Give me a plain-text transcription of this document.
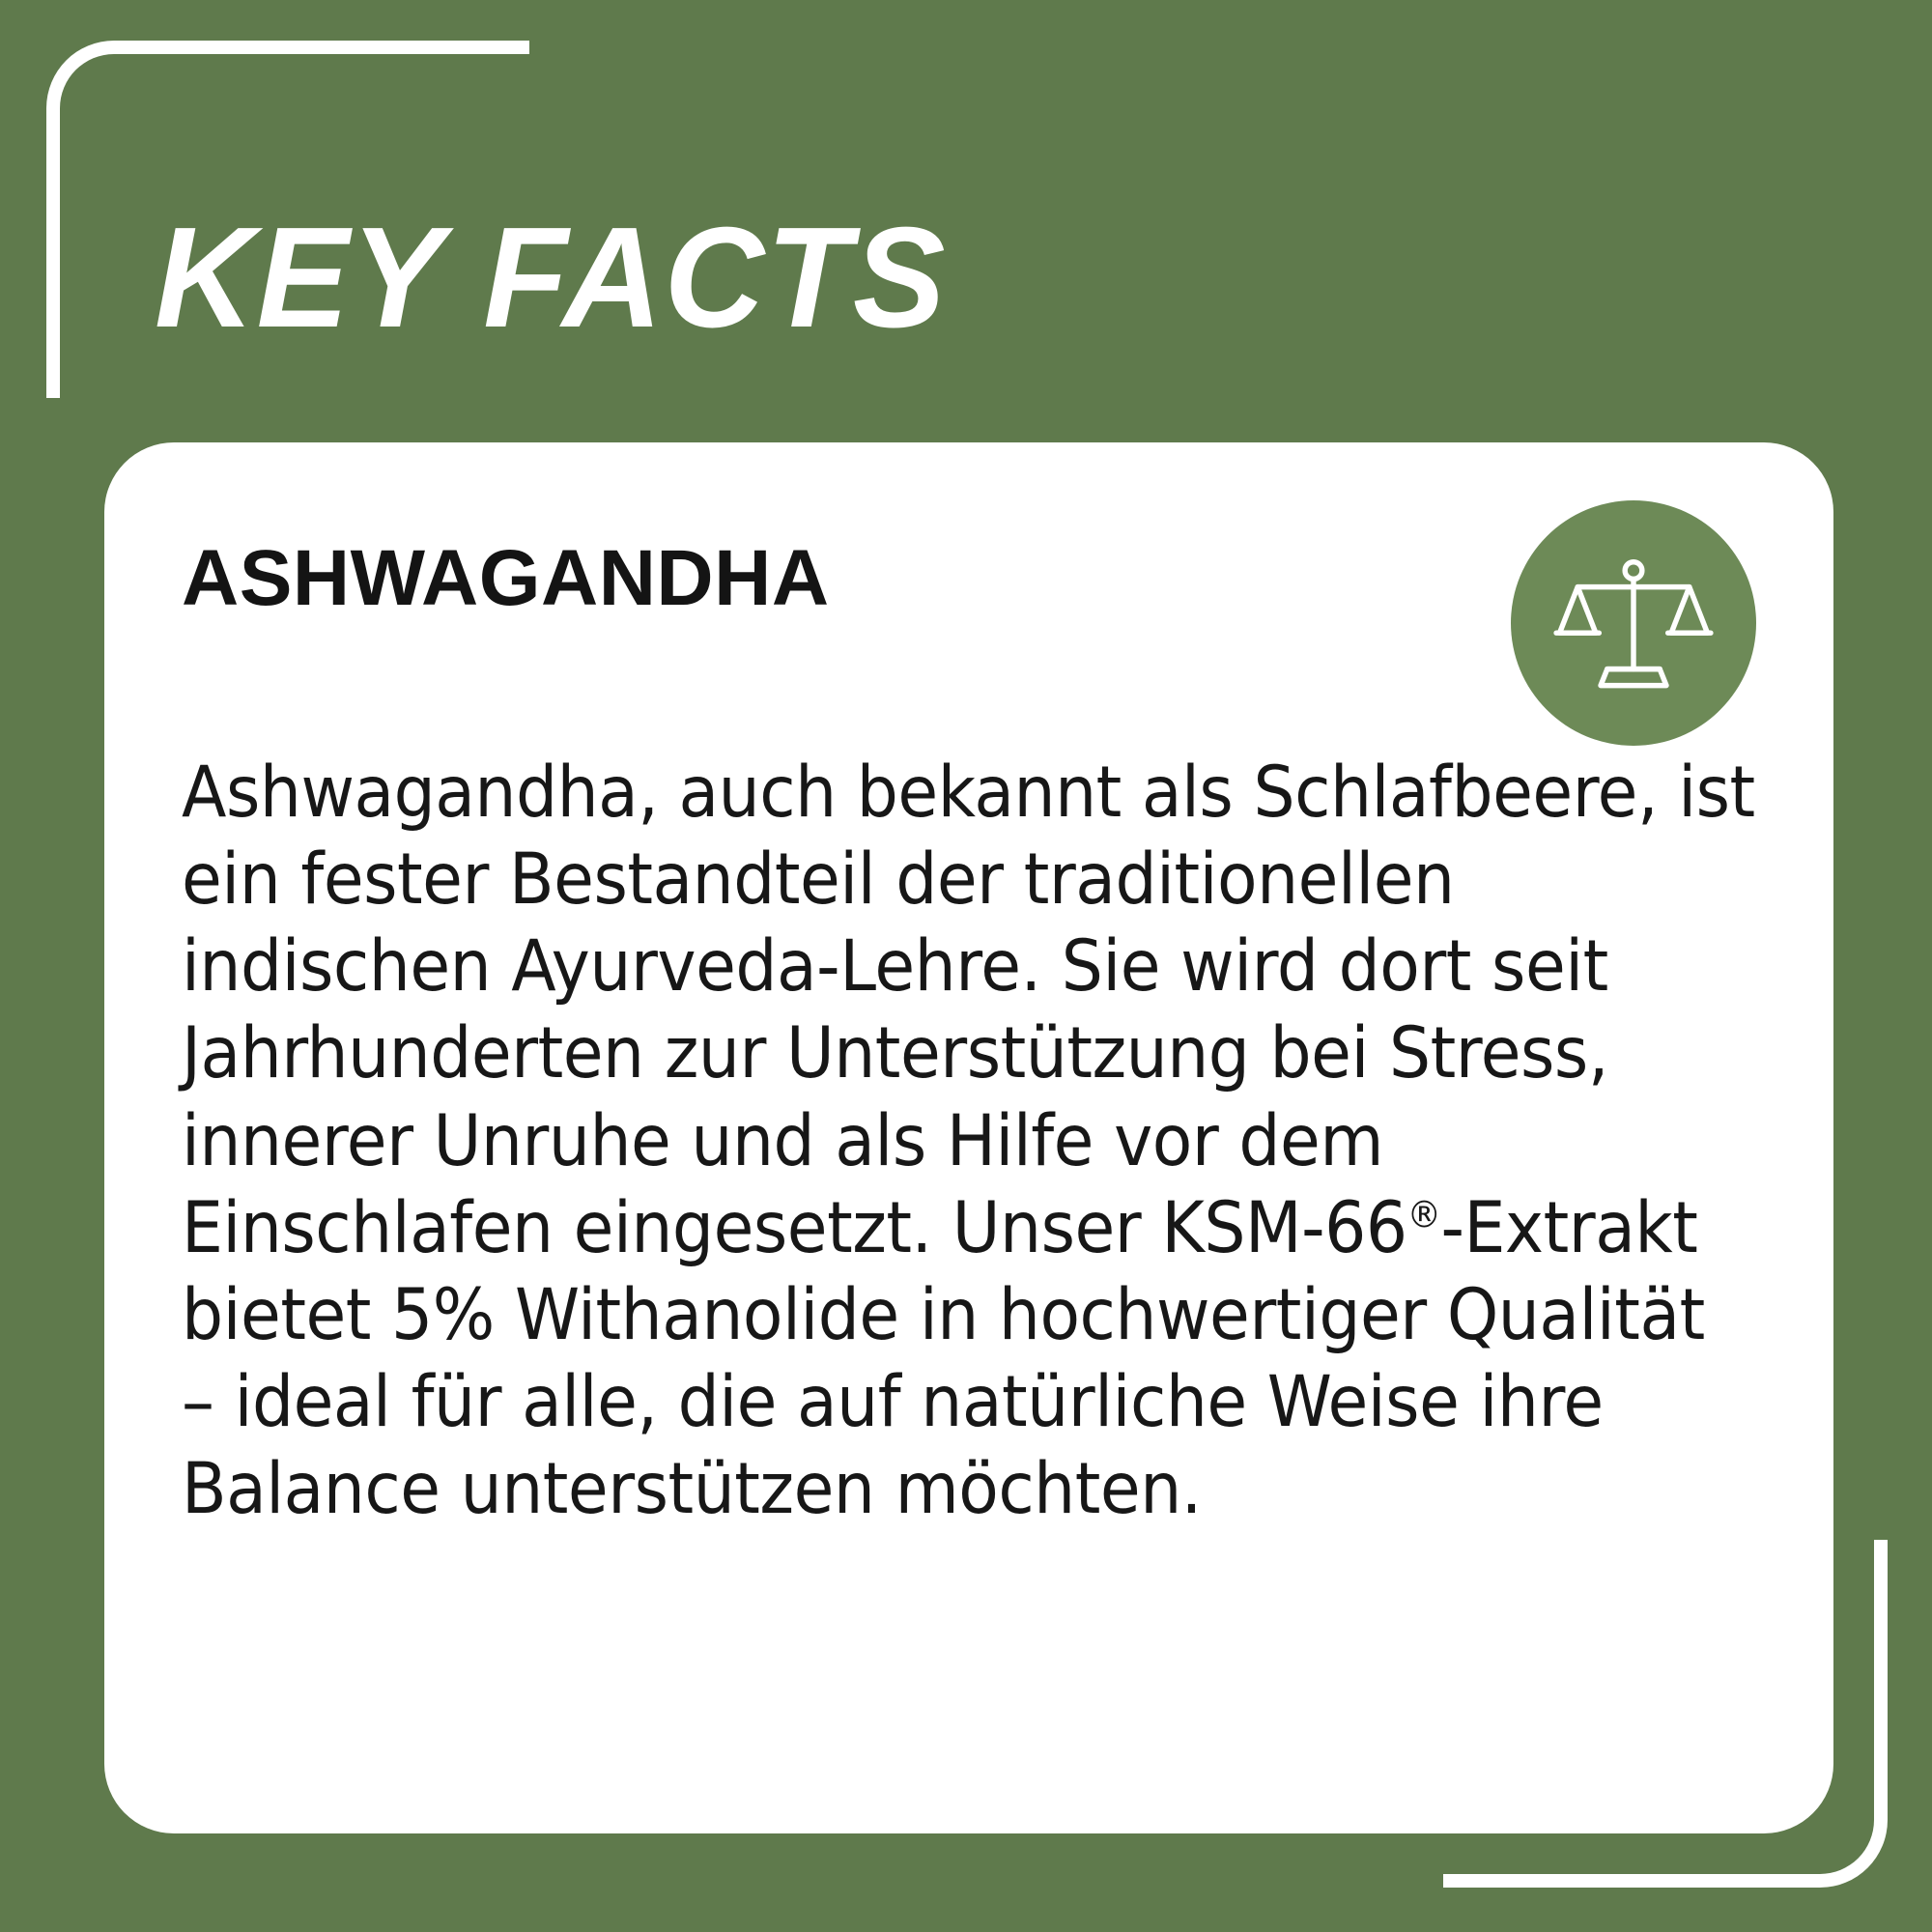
KEY FACTS
ASHWAGANDHA
Ashwagandha, auch bekannt als Schlafbeere, ist ein fester Bestandteil der traditionellen indischen Ayurveda-Lehre. Sie wird dort seit Jahrhunderten zur Unterstützung bei Stress, innerer Unruhe und als Hilfe vor dem Einschlafen eingesetzt. Unser KSM-66®-Extrakt bietet 5% Withanolide in hochwertiger Qualität – ideal für alle, die auf natürliche Weise ihre Balance unterstützen möchten.
